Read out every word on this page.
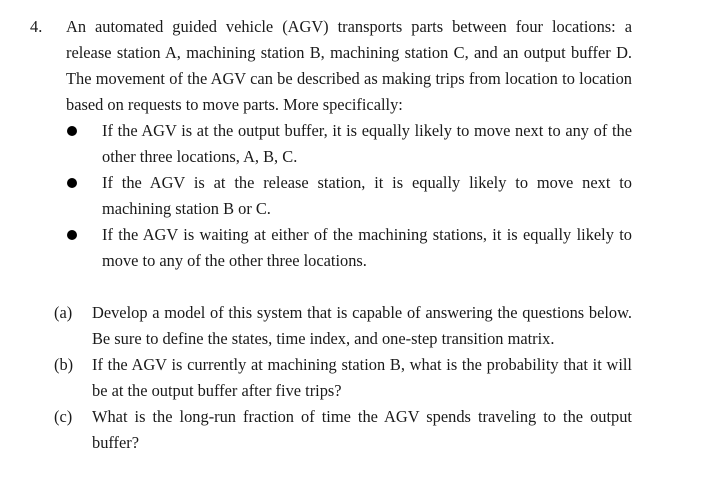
4. An automated guided vehicle (AGV) transports parts between four locations: a release station A, machining station B, machining station C, and an output buffer D. The movement of the AGV can be described as making trips from location to location based on requests to move parts. More specifically:
If the AGV is at the output buffer, it is equally likely to move next to any of the other three locations, A, B, C.
If the AGV is at the release station, it is equally likely to move next to machining station B or C.
If the AGV is waiting at either of the machining stations, it is equally likely to move to any of the other three locations.
(a) Develop a model of this system that is capable of answering the questions below. Be sure to define the states, time index, and one-step transition matrix.
(b) If the AGV is currently at machining station B, what is the probability that it will be at the output buffer after five trips?
(c) What is the long-run fraction of time the AGV spends traveling to the output buffer?
